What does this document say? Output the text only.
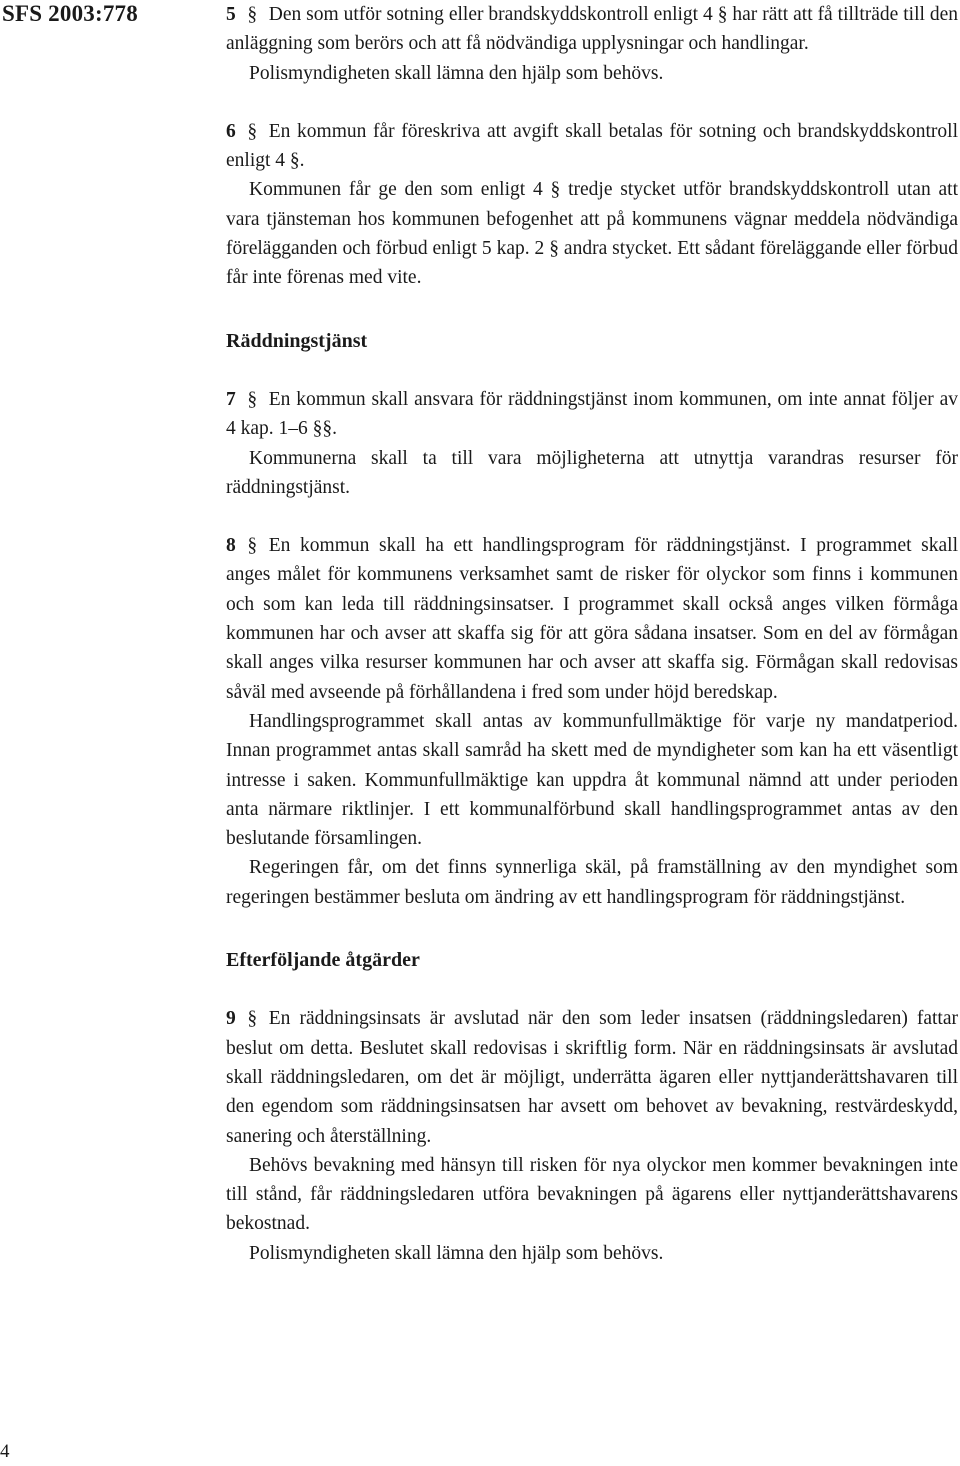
SFS 2003:778	5 § Den som utför sotning eller brandskyddskontroll enligt 4 § har rätt att få tillträde till den anläggning som berörs och att få nödvändiga upplysningar och handlingar.

Polismyndigheten skall lämna den hjälp som behövs.

6 § En kommun får föreskriva att avgift skall betalas för sotning och brandskyddskontroll enligt 4 §.

Kommunen får ge den som enligt 4 § tredje stycket utför brandskyddskontroll utan att vara tjänsteman hos kommunen befogenhet att på kommunens vägnar meddela nödvändiga förelägganden och förbud enligt 5 kap. 2 § andra stycket. Ett sådant föreläggande eller förbud får inte förenas med vite.

Räddningstjänst

7 § En kommun skall ansvara för räddningstjänst inom kommunen, om inte annat följer av 4 kap. 1–6 §§.

Kommunerna skall ta till vara möjligheterna att utnyttja varandras resurser för räddningstjänst.

8 § En kommun skall ha ett handlingsprogram för räddningstjänst. I programmet skall anges målet för kommunens verksamhet samt de risker för olyckor som finns i kommunen och som kan leda till räddningsinsatser. I programmet skall också anges vilken förmåga kommunen har och avser att skaffa sig för att göra sådana insatser. Som en del av förmågan skall anges vilka resurser kommunen har och avser att skaffa sig. Förmågan skall redovisas såväl med avseende på förhållandena i fred som under höjd beredskap.

Handlingsprogrammet skall antas av kommunfullmäktige för varje ny mandatperiod. Innan programmet antas skall samråd ha skett med de myndigheter som kan ha ett väsentligt intresse i saken. Kommunfullmäktige kan uppdra åt kommunal nämnd att under perioden anta närmare riktlinjer. I ett kommunalförbund skall handlingsprogrammet antas av den beslutande församlingen.

Regeringen får, om det finns synnerliga skäl, på framställning av den myndighet som regeringen bestämmer besluta om ändring av ett handlingsprogram för räddningstjänst.

Efterföljande åtgärder

9 § En räddningsinsats är avslutad när den som leder insatsen (räddningsledaren) fattar beslut om detta. Beslutet skall redovisas i skriftlig form. När en räddningsinsats är avslutad skall räddningsledaren, om det är möjligt, underrätta ägaren eller nyttjanderättshavaren till den egendom som räddningsinsatsen har avsett om behovet av bevakning, restvärdeskydd, sanering och återställning.

Behövs bevakning med hänsyn till risken för nya olyckor men kommer bevakningen inte till stånd, får räddningsledaren utföra bevakningen på ägarens eller nyttjanderättshavarens bekostnad.

Polismyndigheten skall lämna den hjälp som behövs.

4
